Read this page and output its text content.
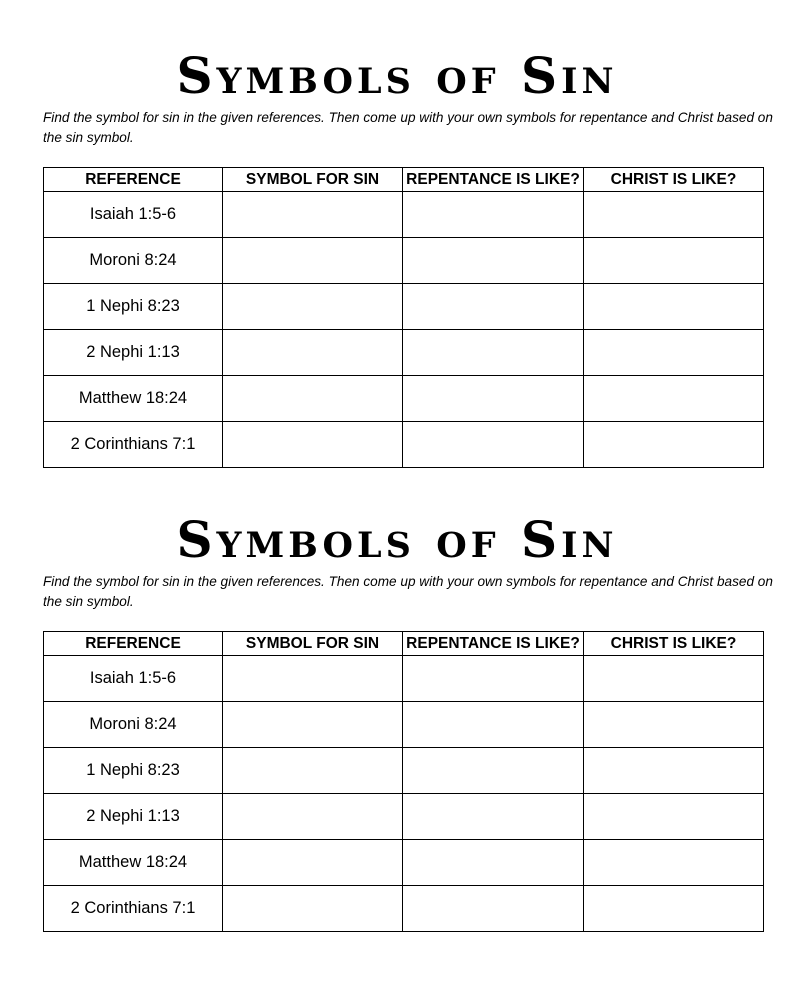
Symbols of Sin
Find the symbol for sin in the given references. Then come up with your own symbols for repentance and Christ based on the sin symbol.
REFERENCE	SYMBOL FOR SIN	REPENTANCE IS LIKE?	CHRIST IS LIKE?
Isaiah 1:5-6			
Moroni 8:24			
1 Nephi 8:23			
2 Nephi 1:13			
Matthew 18:24			
2 Corinthians 7:1			
Symbols of Sin
Find the symbol for sin in the given references. Then come up with your own symbols for repentance and Christ based on the sin symbol.
REFERENCE	SYMBOL FOR SIN	REPENTANCE IS LIKE?	CHRIST IS LIKE?
Isaiah 1:5-6			
Moroni 8:24			
1 Nephi 8:23			
2 Nephi 1:13			
Matthew 18:24			
2 Corinthians 7:1			
